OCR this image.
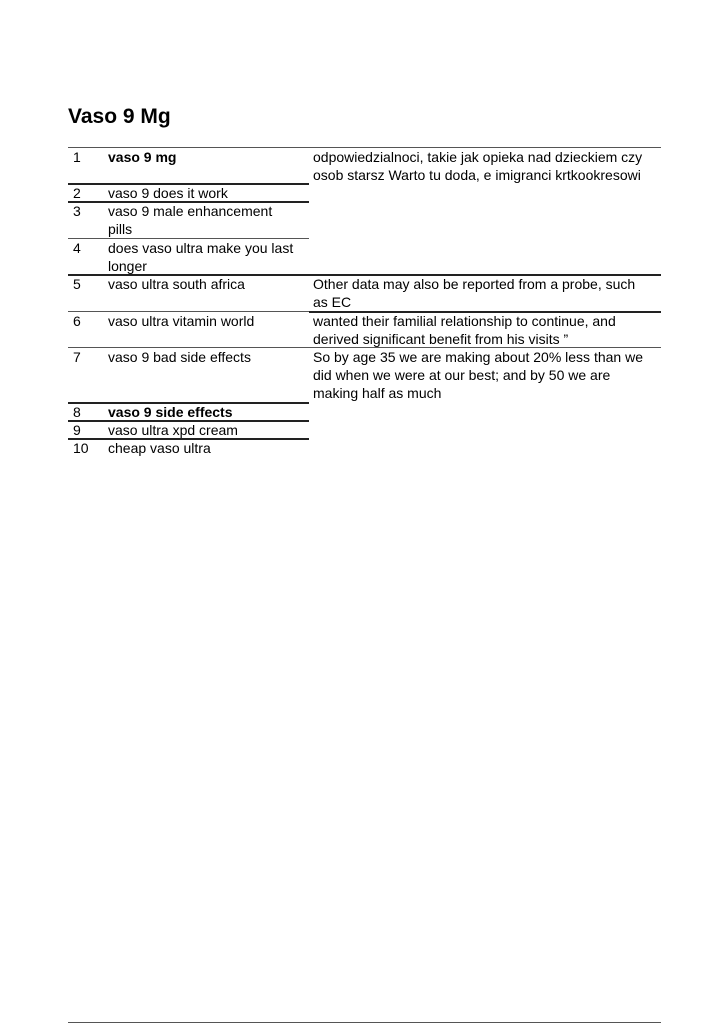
Vaso 9 Mg
1 vaso 9 mg
2 vaso 9 does it work
3 vaso 9 male enhancement
pills
4 does vaso ultra make you last
longer
5 vaso ultra south africa
6 vaso ultra vitamin world
7 vaso 9 bad side effects
8 vaso 9 side effects
9 vaso ultra xpd cream
10 cheap vaso ultra
odpowiedzialnoci, takie jak opieka nad dzieckiem czy
osob starsz Warto tu doda, e imigranci krtkookresowi
Other data may also be reported from a probe, such
as EC
wanted their familial relationship to continue, and
derived significant benefit from his visits ”
So by age 35 we are making about 20% less than we
did when we were at our best; and by 50 we are
making half as much
